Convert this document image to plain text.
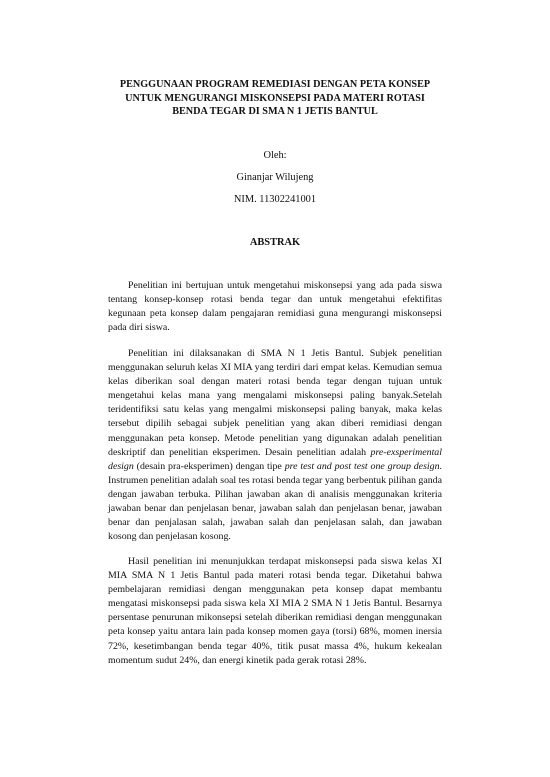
PENGGUNAAN PROGRAM REMEDIASI DENGAN PETA KONSEP
UNTUK MENGURANGI MISKONSEPSI PADA MATERI ROTASI
BENDA TEGAR DI SMA N 1 JETIS BANTUL
Oleh:
Ginanjar Wilujeng
NIM. 11302241001
ABSTRAK

Penelitian ini bertujuan untuk mengetahui miskonsepsi yang ada pada siswa tentang konsep-konsep rotasi benda tegar dan untuk mengetahui efektifitas kegunaan peta konsep dalam pengajaran remidiasi guna mengurangi miskonsepsi pada diri siswa.

Penelitian ini dilaksanakan di SMA N 1 Jetis Bantul. Subjek penelitian menggunakan seluruh kelas XI MIA yang terdiri dari empat kelas. Kemudian semua kelas diberikan soal dengan materi rotasi benda tegar dengan tujuan untuk mengetahui kelas mana yang mengalami miskonsepsi paling banyak.Setelah teridentifiksi satu kelas yang mengalmi miskonsepsi paling banyak, maka kelas tersebut dipilih sebagai subjek penelitian yang akan diberi remidiasi dengan menggunakan peta konsep. Metode penelitian yang digunakan adalah penelitian deskriptif dan penelitian eksperimen. Desain penelitian adalah pre-exsperimental design (desain pra-eksperimen) dengan tipe pre test and post test one group design. Instrumen penelitian adalah soal tes rotasi benda tegar yang berbentuk pilihan ganda dengan jawaban terbuka. Pilihan jawaban akan di analisis menggunakan kriteria jawaban benar dan penjelasan benar, jawaban salah dan penjelasan benar, jawaban benar dan penjalasan salah, jawaban salah dan penjelasan salah, dan jawaban kosong dan penjelasan kosong.

Hasil penelitian ini menunjukkan terdapat miskonsepsi pada siswa kelas XI MIA SMA N 1 Jetis Bantul pada materi rotasi benda tegar. Diketahui bahwa pembelajaran remidiasi dengan menggunakan peta konsep dapat membantu mengatasi miskonsepsi pada siswa kela XI MIA 2 SMA N 1 Jetis Bantul. Besarnya persentase penurunan mikonsepsi setelah diberikan remidiasi dengan menggunakan peta konsep yaitu antara lain pada konsep momen gaya (torsi) 68%, momen inersia 72%, kesetimbangan benda tegar 40%, titik pusat massa 4%, hukum kekealan momentum sudut 24%, dan energi kinetik pada gerak rotasi 28%.
